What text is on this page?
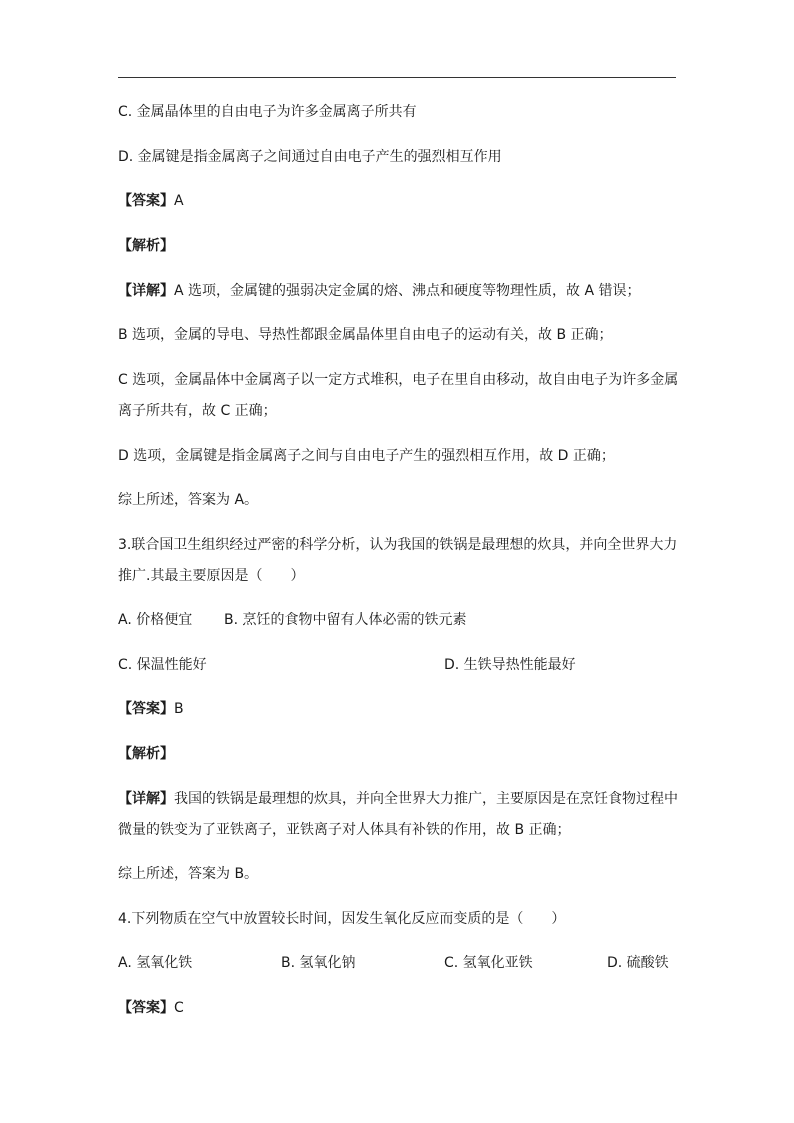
C. 金属晶体里的自由电子为许多金属离子所共有
D. 金属键是指金属离子之间通过自由电子产生的强烈相互作用
【答案】A
【解析】
【详解】A 选项，金属键的强弱决定金属的熔、沸点和硬度等物理性质，故 A 错误；
B 选项，金属的导电、导热性都跟金属晶体里自由电子的运动有关，故 B 正确；
C 选项，金属晶体中金属离子以一定方式堆积，电子在里自由移动，故自由电子为许多金属
离子所共有，故 C 正确；
D 选项，金属键是指金属离子之间与自由电子产生的强烈相互作用，故 D 正确；
综上所述，答案为 A。
3.联合国卫生组织经过严密的科学分析，认为我国的铁锅是最理想的炊具，并向全世界大力
推广.其最主要原因是（　　）
A. 价格便宜 B. 烹饪的食物中留有人体必需的铁元素
C. 保温性能好	D. 生铁导热性能最好
【答案】B
【解析】
【详解】我国的铁锅是最理想的炊具，并向全世界大力推广，主要原因是在烹饪食物过程中
微量的铁变为了亚铁离子，亚铁离子对人体具有补铁的作用，故 B 正确；
综上所述，答案为 B。
4.下列物质在空气中放置较长时间，因发生氧化反应而变质的是（　　）
A. 氢氧化铁	B. 氢氧化钠	C. 氢氧化亚铁	D. 硫酸铁
【答案】C
